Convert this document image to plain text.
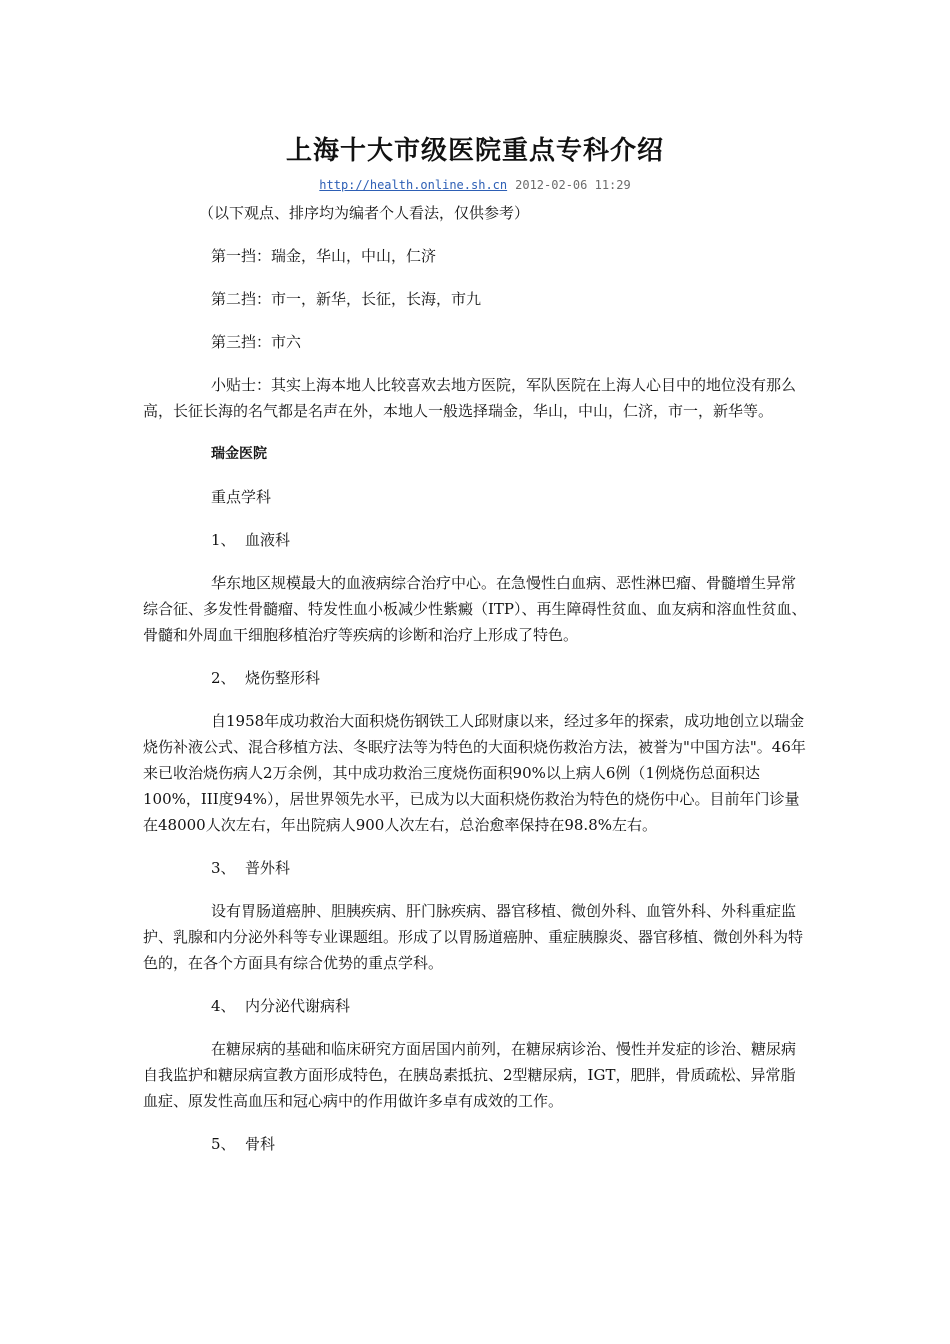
上海十大市级医院重点专科介绍
http://health.online.sh.cn 2012-02-06 11:29

（以下观点、排序均为编者个人看法，仅供参考）

第一挡：瑞金，华山，中山，仁济

第二挡：市一，新华，长征，长海，市九

第三挡：市六

小贴士：其实上海本地人比较喜欢去地方医院，军队医院在上海人心目中的地位没有那么高，长征长海的名气都是名声在外，本地人一般选择瑞金，华山，中山，仁济，市一，新华等。

瑞金医院

重点学科

1、 血液科

华东地区规模最大的血液病综合治疗中心。在急慢性白血病、恶性淋巴瘤、骨髓增生异常综合征、多发性骨髓瘤、特发性血小板减少性紫癜（ITP）、再生障碍性贫血、血友病和溶血性贫血、骨髓和外周血干细胞移植治疗等疾病的诊断和治疗上形成了特色。

2、 烧伤整形科

自1958年成功救治大面积烧伤钢铁工人邱财康以来，经过多年的探索，成功地创立以瑞金烧伤补液公式、混合移植方法、冬眠疗法等为特色的大面积烧伤救治方法，被誉为"中国方法"。46年来已收治烧伤病人2万余例，其中成功救治三度烧伤面积90%以上病人6例（1例烧伤总面积达100%，III度94%），居世界领先水平，已成为以大面积烧伤救治为特色的烧伤中心。目前年门诊量在48000人次左右，年出院病人900人次左右，总治愈率保持在98.8%左右。

3、 普外科

设有胃肠道癌肿、胆胰疾病、肝门脉疾病、器官移植、微创外科、血管外科、外科重症监护、乳腺和内分泌外科等专业课题组。形成了以胃肠道癌肿、重症胰腺炎、器官移植、微创外科为特色的，在各个方面具有综合优势的重点学科。

4、 内分泌代谢病科

在糖尿病的基础和临床研究方面居国内前列，在糖尿病诊治、慢性并发症的诊治、糖尿病自我监护和糖尿病宣教方面形成特色，在胰岛素抵抗、2型糖尿病，IGT，肥胖，骨质疏松、异常脂血症、原发性高血压和冠心病中的作用做许多卓有成效的工作。

5、 骨科
